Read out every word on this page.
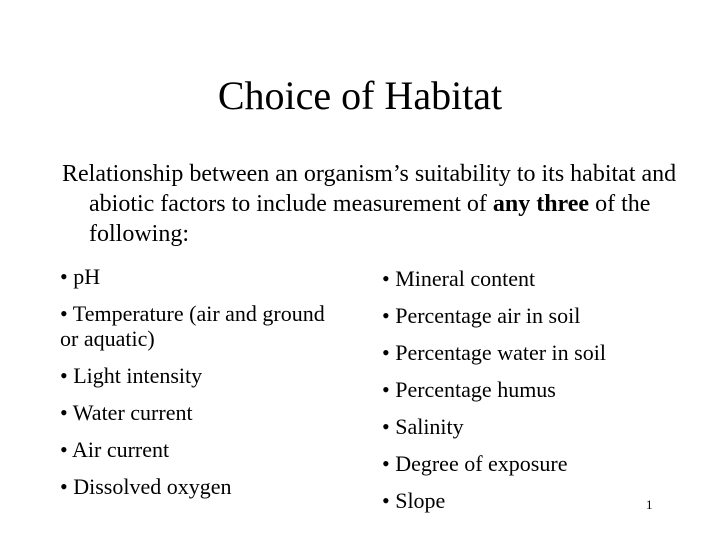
Choice of Habitat
Relationship between an organism’s suitability to its habitat and abiotic factors to include measurement of any three of the following:

• pH

• Temperature (air and ground or aquatic)

• Light intensity

• Water current

• Air current

• Dissolved oxygen

• Mineral content

• Percentage air in soil

• Percentage water in soil

• Percentage humus

• Salinity

• Degree of exposure

• Slope	1
